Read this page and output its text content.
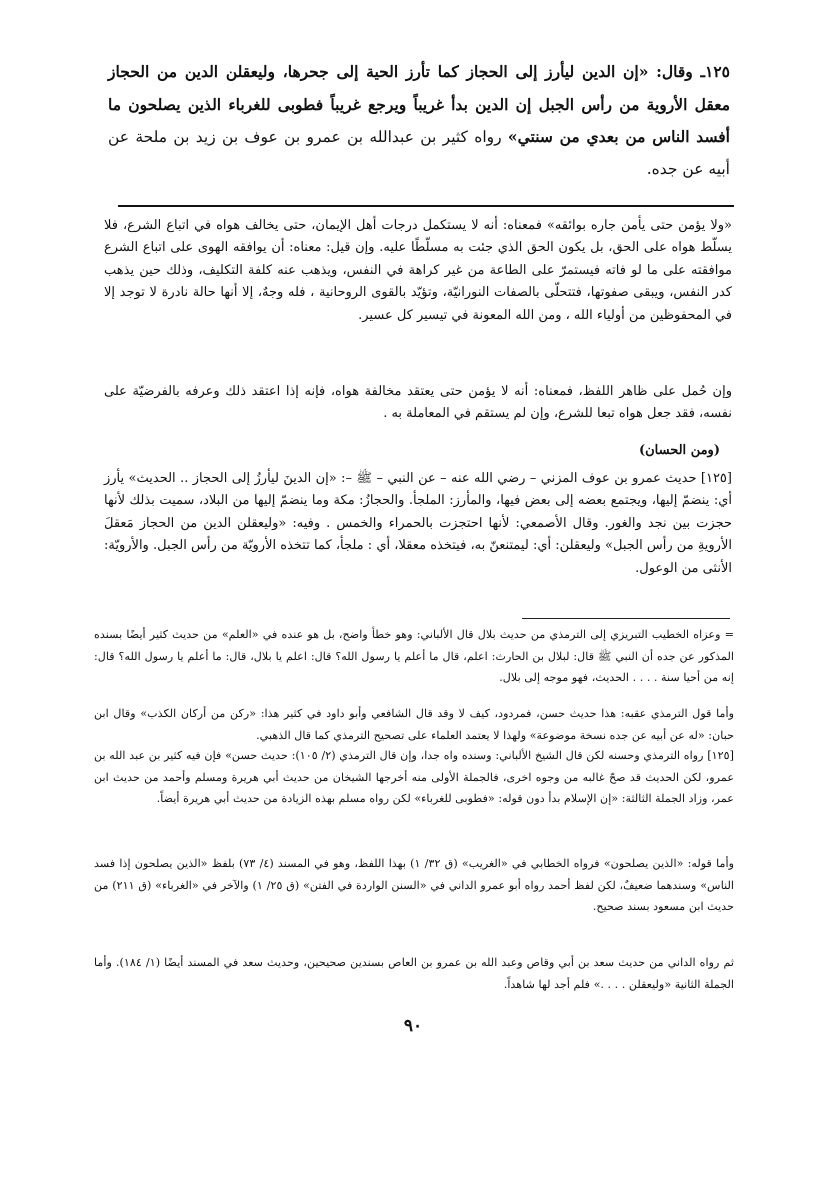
١٢٥ـ وقال: «إن الدين ليأرز إلى الحجاز كما تأرز الحية إلى جحرها، وليعقلن الدين من الحجاز معقل الأروية من رأس الجبل إن الدين بدأ غريباً ويرجع غريباً فطوبى للغرباء الذين يصلحون ما أفسد الناس من بعدي من سنتي» رواه كثير بن عبدالله بن عمرو بن عوف بن زيد بن ملحة عن أبيه عن جده.
«ولا يؤمن حتى يأمن جاره بوائقه» فمعناه: أنه لا يستكمل درجات أهل الإيمان، حتى يخالف هواه في اتباع الشرع، فلا يسلّط هواه على الحق، بل يكون الحق الذي جئت به مسلّطًا عليه. وإن قيل: معناه: أن يوافقه الهوى على اتباع الشرع موافقته على ما لو فاته فيستمرّ على الطاعة من غير كراهة في النفس، ويذهب عنه كلفة التكليف، وذلك حين يذهب كدر النفس، ويبقى صفوتها، فتتحلّى بالصفات النورانيّة، وتؤيّد بالقوى الروحانية ، فله وجهٌ، إلا أنها حالة نادرة لا توجد إلا في المحفوظين من أولياء الله ، ومن الله المعونة في تيسير كل عسير.
وإن حُمل على ظاهر اللفظ، فمعناه: أنه لا يؤمن حتى يعتقد مخالفة هواه، فإنه إذا اعتقد ذلك وعرفه بالفرضيّة على نفسه، فقد جعل هواه تبعا للشرع، وإن لم يستقم في المعاملة به .
(ومن الحسان)
[١٢٥] حديث عمرو بن عوف المزني – رضي الله عنه – عن النبي – ﷺ –: «إن الدينَ ليأرزُ إلى الحجاز .. الحديث» يأرز أي: ينضمّ إليها، ويجتمع بعضه إلى بعض فيها، والمأرز: الملجأ. والحجازُ: مكة وما ينضمّ إليها من البلاد، سميت بذلك لأنها حجزت بين نجد والغور. وقال الأصمعي: لأنها احتجزت بالحمراء والخمس . وفيه: «وليعقلن الدين من الحجاز مَعقلَ الأرويةِ من رأس الجبل» وليعقلن: أي: ليمتنعنّ به، فيتخذه معقلا، أي : ملجأ، كما تتخذه الأرويّة من رأس الجبل. والأرويّة: الأنثى من الوعول.
= وعزاه الخطيب التبريزي إلى الترمذي من حديث بلال قال الألباني: وهو خطأ واضح، بل هو عنده في «العلم» من حديث كثير أيضًا بسنده المذكور عن جده أن النبي ﷺ قال: لبلال بن الحارث: اعلم، قال ما أعلم يا رسول الله؟ قال: اعلم يا بلال، قال: ما أعلم يا رسول الله؟ قال: إنه من أحيا سنة . . . . الحديث، فهو موجه إلى بلال.
وأما قول الترمذي عقبه: هذا حديث حسن، فمردود، كيف لا وقد قال الشافعي وأبو داود في كثير هذا: «ركن من أركان الكذب» وقال ابن حبان: «له عن أبيه عن جده نسخة موضوعة» ولهذا لا يعتمد العلماء على تصحيح الترمذي كما قال الذهبي.
[١٢٥] رواه الترمذي وحسنه لكن قال الشيخ الألباني: وسنده واه جدا، وإن قال الترمذي (٢/ ١٠٥): حديث حسن» فإن فيه كثير بن عبد الله بن عمرو، لكن الحديث قد صحّ غالبه من وجوه اخرى، فالجملة الأولى منه أخرجها الشيخان من حديث أبي هريرة ومسلم وأحمد من حديث ابن عمر، وزاد الجملة الثالثة: «إن الإسلام بدأ دون قوله: «فطوبى للغرباء» لكن رواه مسلم بهذه الزيادة من حديث أبي هريرة أيضاً.
وأما قوله: «الذين يصلحون» فرواه الخطابي في «الغريب» (ق ٣٢/ ١) بهذا اللفظ، وهو في المسند (٤/ ٧٣) بلفظ «الذين يصلحون إذا فسد الناس» وسندهما ضعيفٌ، لكن لفظ أحمد رواه أبو عمرو الداني في «السنن الواردة في الفتن» (ق ٢٥/ ١) والآخر في «الغرباء» (ق ٢١١) من حديث ابن مسعود بسند صحيح.
ثم رواه الداني من حديث سعد بن أبي وقاص وعبد الله بن عمرو بن العاص بسندين صحيحين، وحديث سعد في المسند أيضًا (١/ ١٨٤). وأما الجملة الثانية «وليعقلن . . . .» فلم أجد لها شاهداً.
٩٠
